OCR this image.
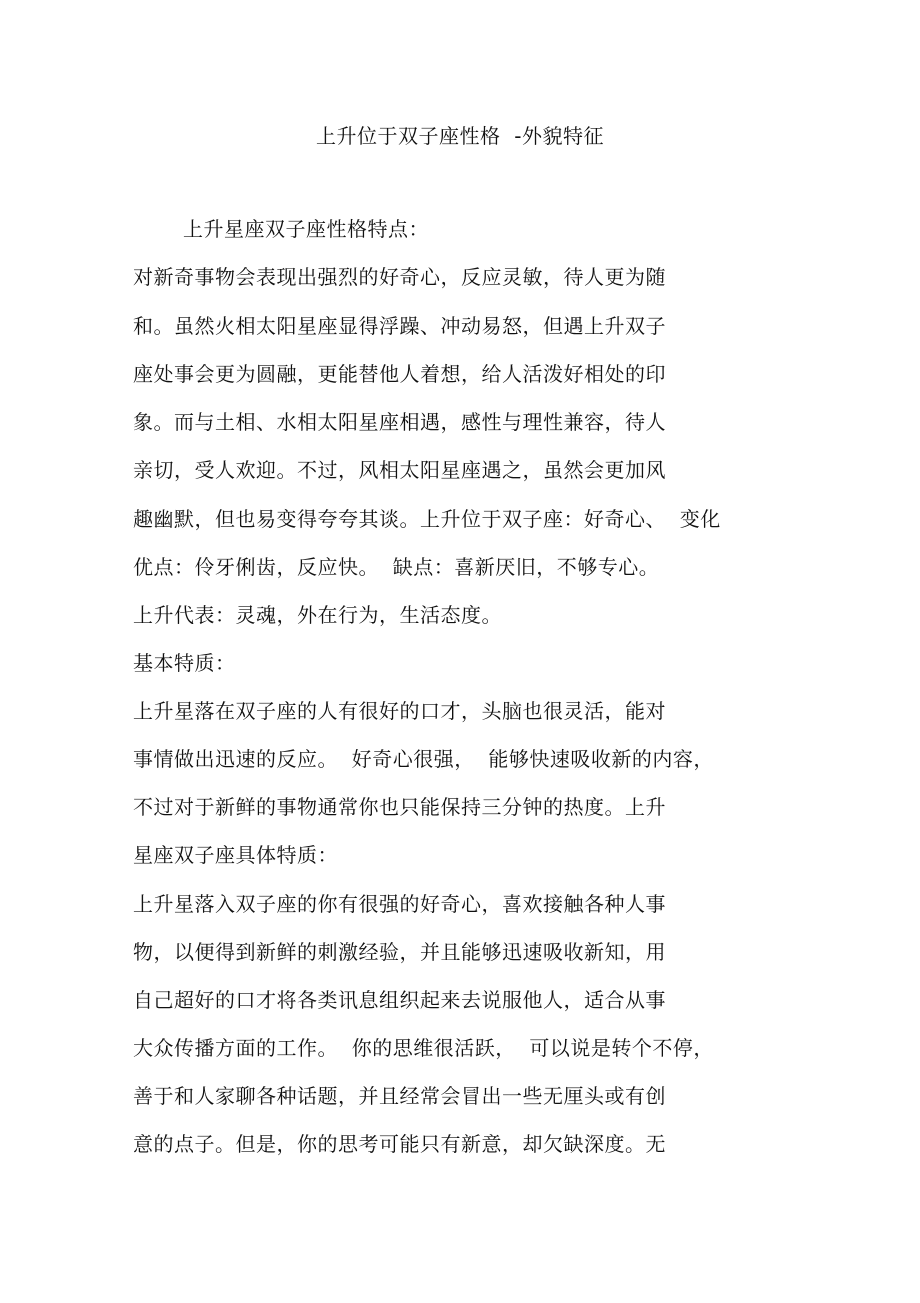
上升位于双子座性格  -外貌特征
上升星座双子座性格特点：
对新奇事物会表现出强烈的好奇心，反应灵敏，待人更为随
和。虽然火相太阳星座显得浮躁、冲动易怒，但遇上升双子
座处事会更为圆融，更能替他人着想，给人活泼好相处的印
象。而与土相、水相太阳星座相遇，感性与理性兼容，待人
亲切，受人欢迎。不过，风相太阳星座遇之，虽然会更加风
趣幽默，但也易变得夸夸其谈。上升位于双子座：好奇心、  变化
优点：伶牙俐齿，反应快。  缺点：喜新厌旧，不够专心。
上升代表：灵魂，外在行为，生活态度。
基本特质：
上升星落在双子座的人有很好的口才，头脑也很灵活，能对
事情做出迅速的反应。  好奇心很强，  能够快速吸收新的内容，
不过对于新鲜的事物通常你也只能保持三分钟的热度。上升
星座双子座具体特质：
上升星落入双子座的你有很强的好奇心，喜欢接触各种人事
物，以便得到新鲜的刺激经验，并且能够迅速吸收新知，用
自己超好的口才将各类讯息组织起来去说服他人，适合从事
大众传播方面的工作。  你的思维很活跃，  可以说是转个不停，
善于和人家聊各种话题，并且经常会冒出一些无厘头或有创
意的点子。但是，你的思考可能只有新意，却欠缺深度。无
